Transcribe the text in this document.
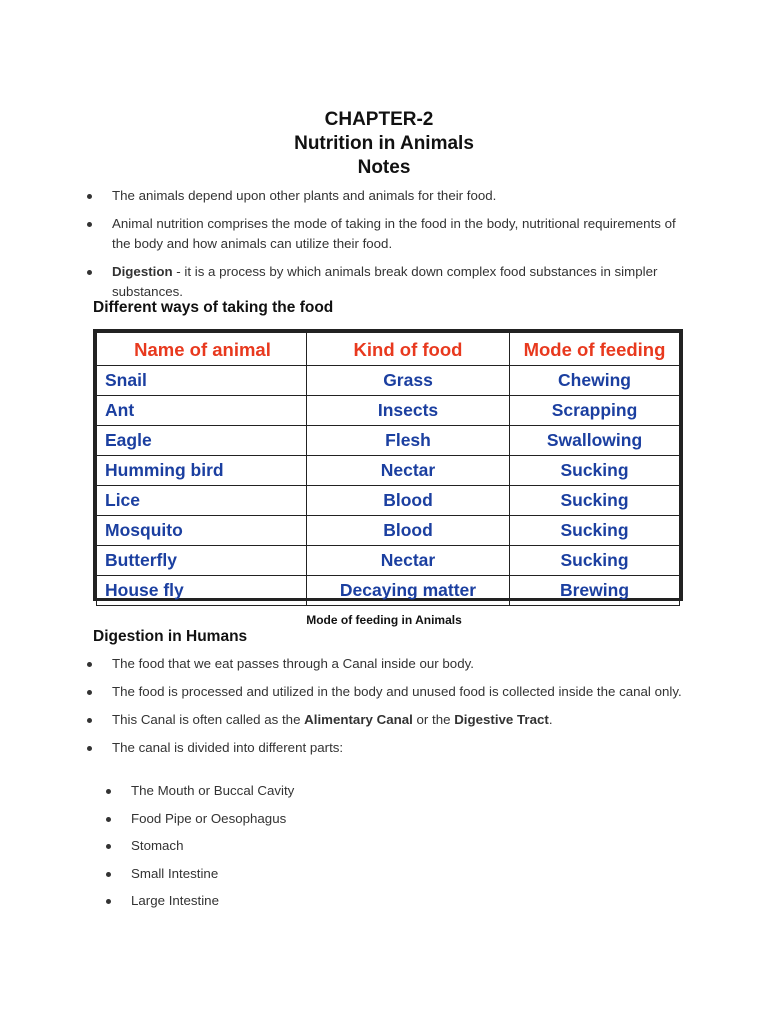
CHAPTER-2
Nutrition in Animals
Notes
The animals depend upon other plants and animals for their food.
Animal nutrition comprises the mode of taking in the food in the body, nutritional requirements of the body and how animals can utilize their food.
Digestion - it is a process by which animals break down complex food substances in simpler substances.
Different ways of taking the food
Name of animal	Kind of food	Mode of feeding
Snail	Grass	Chewing
Ant	Insects	Scrapping
Eagle	Flesh	Swallowing
Humming bird	Nectar	Sucking
Lice	Blood	Sucking
Mosquito	Blood	Sucking
Butterfly	Nectar	Sucking
House fly	Decaying matter	Brewing
Mode of feeding in Animals
Digestion in Humans
The food that we eat passes through a Canal inside our body.
The food is processed and utilized in the body and unused food is collected inside the canal only.
This Canal is often called as the Alimentary Canal or the Digestive Tract.
The canal is divided into different parts:
The Mouth or Buccal Cavity
Food Pipe or Oesophagus
Stomach
Small Intestine
Large Intestine
